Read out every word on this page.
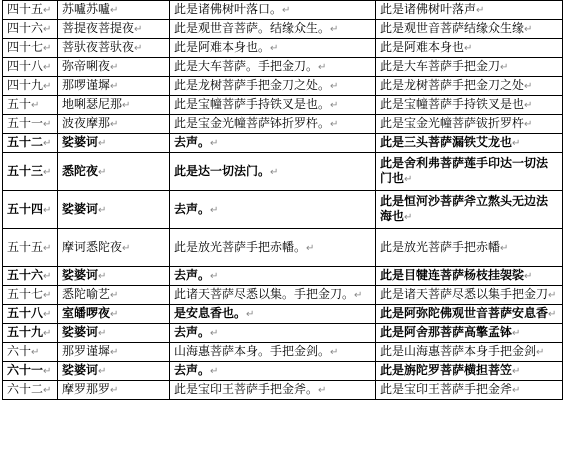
四十五↵	苏嚧苏嚧↵	此是诸佛树叶落口。↵	此是诸佛树叶落声↵
四十六↵	菩提夜菩提夜↵	此是观世音菩萨。结缘众生。↵	此是观世音菩萨结缘众生缘↵
四十七↵	菩驮夜菩驮夜↵	此是阿难本身也。↵	此是阿难本身也↵
四十八↵	弥帝唎夜↵	此是大车菩萨。手把金刀。↵	此是大车菩萨手把金刀↵
四十九↵	那啰谨墀↵	此是龙树菩萨手把金刀之处。↵	此是龙树菩萨手把金刀之处↵
五十↵	地唎瑟尼那↵	此是宝幢菩萨手持铁叉是也。↵	此是宝幢菩萨手持铁叉是也↵
五十一↵	波夜摩那↵	此是宝金光幢菩萨钵折罗杵。↵	此是宝金光幢菩萨钹折罗杵↵
五十二↵	娑婆诃↵	去声。↵	此是三头菩萨漏铁艾龙也↵
五十三↵	悉陀夜↵	此是达一切法门。↵	此是舍利弗菩萨莲手印达一切法门也↵
五十四↵	娑婆诃↵	去声。↵	此是恒河沙菩萨斧立熬头无边法海也↵
五十五↵	摩诃悉陀夜↵	此是放光菩萨手把赤幡。↵	此是放光菩萨手把赤幡↵
五十六↵	娑婆诃↵	去声。↵	此是目犍连菩萨杨枝挂袈裟↵
五十七↵	悉陀喻艺↵	此诸天菩萨尽悉以集。手把金刀。↵	此是诸天菩萨尽悉以集手把金刀↵
五十八↵	室皤啰夜↵	是安息香也。↵	此是阿弥陀佛观世音菩萨安息香↵
五十九↵	娑婆诃↵	去声。↵	此是阿舍那菩萨高擎孟钵↵
六十↵	那罗谨墀↵	山海惠菩萨本身。手把金剑。↵	此是山海惠菩萨本身手把金剑↵
六十一↵	娑婆诃↵	去声。↵	此是旃陀罗菩萨横担菩笠↵
六十二↵	摩罗那罗↵	此是宝印王菩萨手把金斧。↵	此是宝印王菩萨手把金斧↵
